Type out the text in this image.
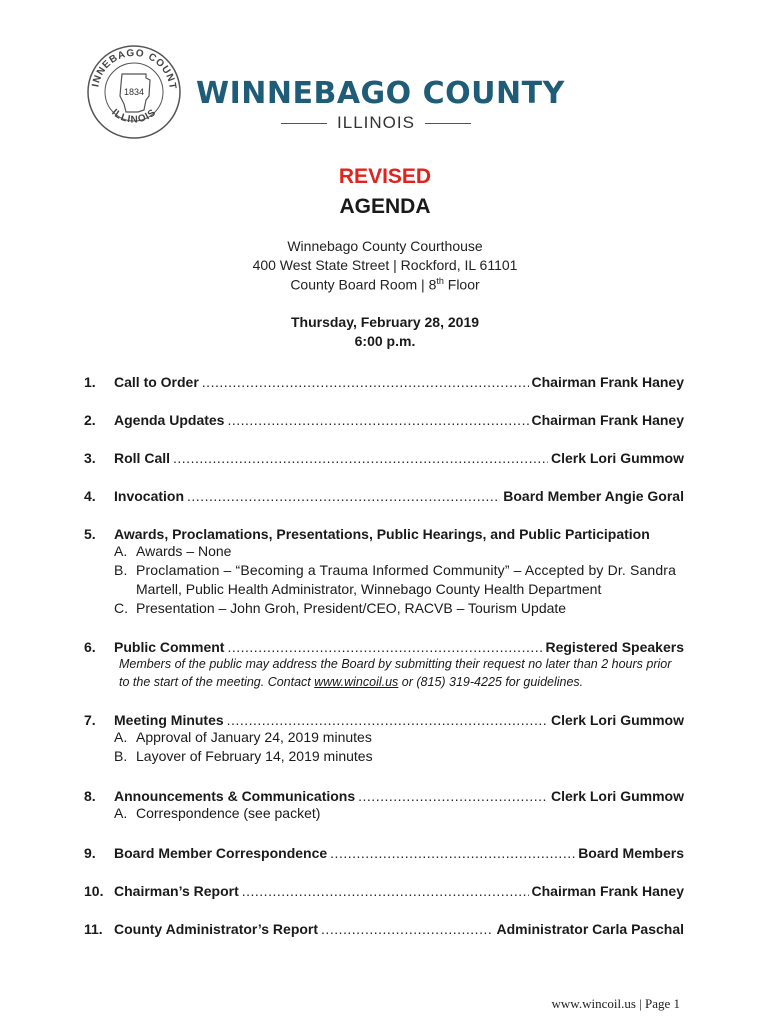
1834
INNEBAGO COUNT
ILLINOIS
WINNEBAGO COUNTY
ILLINOIS
REVISED
AGENDA
Winnebago County Courthouse
400 West State Street | Rockford, IL 61101
County Board Room | 8th Floor
Thursday, February 28, 2019
6:00 p.m.
1.	Call to Order .....	Chairman Frank Haney
2.	Agenda Updates .....	Chairman Frank Haney
3.	Roll Call .....	Clerk Lori Gummow
4.	Invocation .....	Board Member Angie Goral
5. Awards, Proclamations, Presentations, Public Hearings, and Public Participation
A. Awards – None
B. Proclamation – “Becoming a Trauma Informed Community” – Accepted by Dr. Sandra
Martell, Public Health Administrator, Winnebago County Health Department
C. Presentation – John Groh, President/CEO, RACVB – Tourism Update
6.	Public Comment .....	Registered Speakers
Members of the public may address the Board by submitting their request no later than 2 hours prior
to the start of the meeting. Contact www.wincoil.us or (815) 319-4225 for guidelines.
7.	Meeting Minutes .....	Clerk Lori Gummow
A. Approval of January 24, 2019 minutes
B. Layover of February 14, 2019 minutes
8.	Announcements & Communications .....	Clerk Lori Gummow
A. Correspondence (see packet)
9.	Board Member Correspondence .....	Board Members
10. Chairman’s Report .....	Chairman Frank Haney
11. County Administrator’s Report .....	Administrator Carla Paschal
www.wincoil.us | Page 1
